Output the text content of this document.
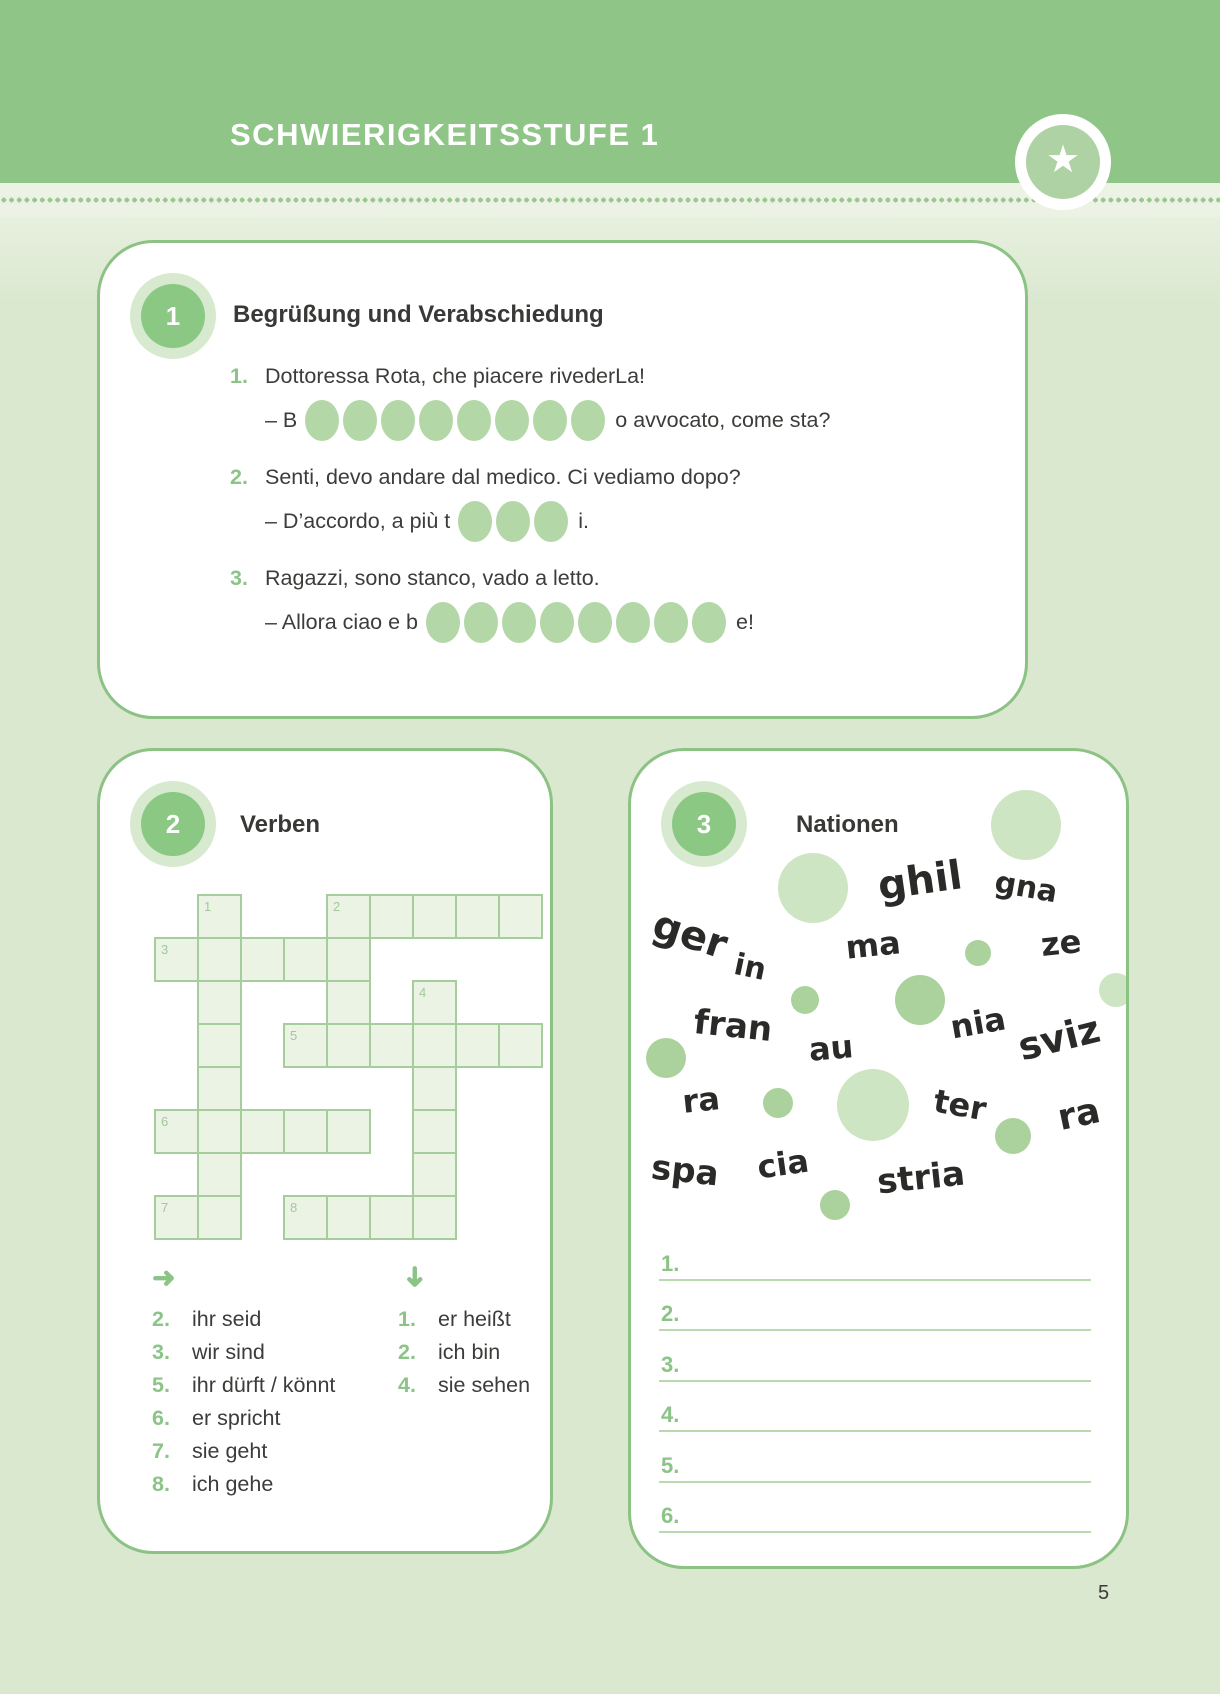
SCHWIERIGKEITSSTUFE 1
★
1	Begrüßung und Verabschiedung
1. Dottoressa Rota, che piacere rivederLa!
– B	o avvocato, come sta?
2. Senti, devo andare dal medico. Ci vediamo dopo?
– D’accordo, a più t	i.
3. Ragazzi, sono stanco, vado a letto.
– Allora ciao e b	e!
2	Verben
1	2
3
4
5
6
7	8
➜	➜
2.	ihr seid
3.	wir sind
5.	ihr dürft / könnt
6.	er spricht
7.	sie geht
8.	ich gehe
1.	er heißt
2.	ich bin
4.	sie sehen
ghil gna
ger
in
ma	ze
fran au
nia sviz
ra	ter ra
spa cia stria
3	Nationen
1.
2.
3.
4.
5.
6.
5
